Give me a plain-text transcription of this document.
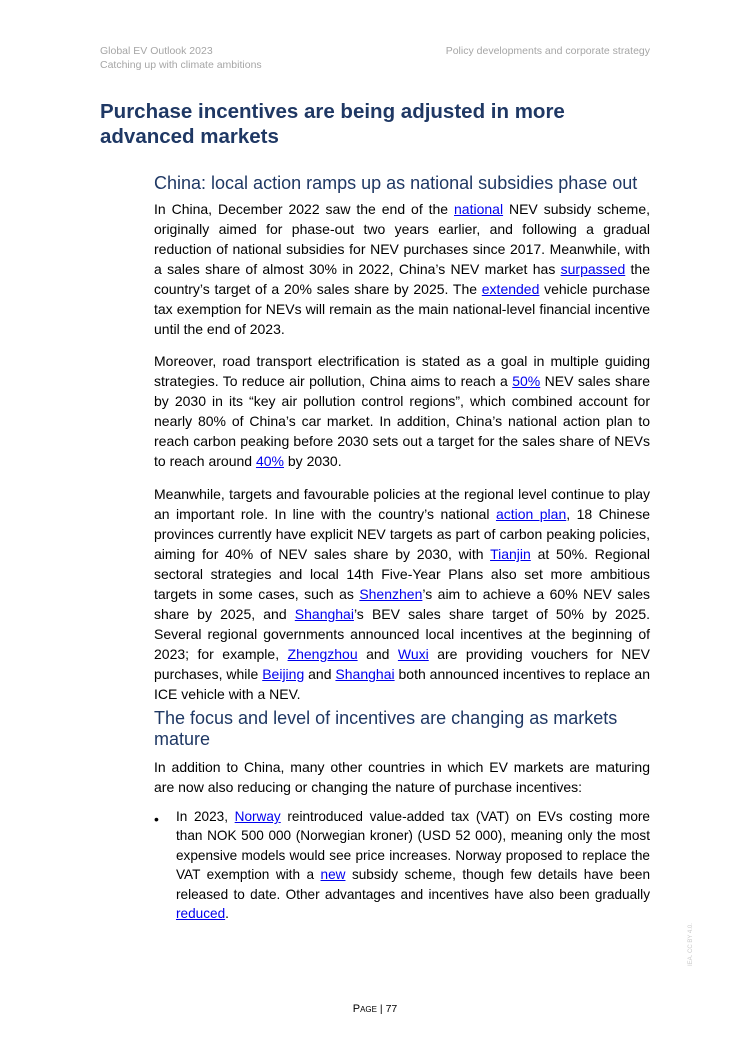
Global EV Outlook 2023
Catching up with climate ambitions
Policy developments and corporate strategy
Purchase incentives are being adjusted in more advanced markets
China: local action ramps up as national subsidies phase out

In China, December 2022 saw the end of the national NEV subsidy scheme, originally aimed for phase-out two years earlier, and following a gradual reduction of national subsidies for NEV purchases since 2017. Meanwhile, with a sales share of almost 30% in 2022, China’s NEV market has surpassed the country’s target of a 20% sales share by 2025. The extended vehicle purchase tax exemption for NEVs will remain as the main national-level financial incentive until the end of 2023.

Moreover, road transport electrification is stated as a goal in multiple guiding strategies. To reduce air pollution, China aims to reach a 50% NEV sales share by 2030 in its “key air pollution control regions”, which combined account for nearly 80% of China’s car market. In addition, China’s national action plan to reach carbon peaking before 2030 sets out a target for the sales share of NEVs to reach around 40% by 2030.

Meanwhile, targets and favourable policies at the regional level continue to play an important role. In line with the country’s national action plan, 18 Chinese provinces currently have explicit NEV targets as part of carbon peaking policies, aiming for 40% of NEV sales share by 2030, with Tianjin at 50%. Regional sectoral strategies and local 14th Five-Year Plans also set more ambitious targets in some cases, such as Shenzhen’s aim to achieve a 60% NEV sales share by 2025, and Shanghai’s BEV sales share target of 50% by 2025. Several regional governments announced local incentives at the beginning of 2023; for example, Zhengzhou and Wuxi are providing vouchers for NEV purchases, while Beijing and Shanghai both announced incentives to replace an ICE vehicle with a NEV.

The focus and level of incentives are changing as markets mature

In addition to China, many other countries in which EV markets are maturing are now also reducing or changing the nature of purchase incentives:

• In 2023, Norway reintroduced value-added tax (VAT) on EVs costing more than NOK 500 000 (Norwegian kroner) (USD 52 000), meaning only the most expensive models would see price increases. Norway proposed to replace the VAT exemption with a new subsidy scheme, though few details have been released to date. Other advantages and incentives have also been gradually reduced.

Page | 77
IEA. CC BY 4.0.
